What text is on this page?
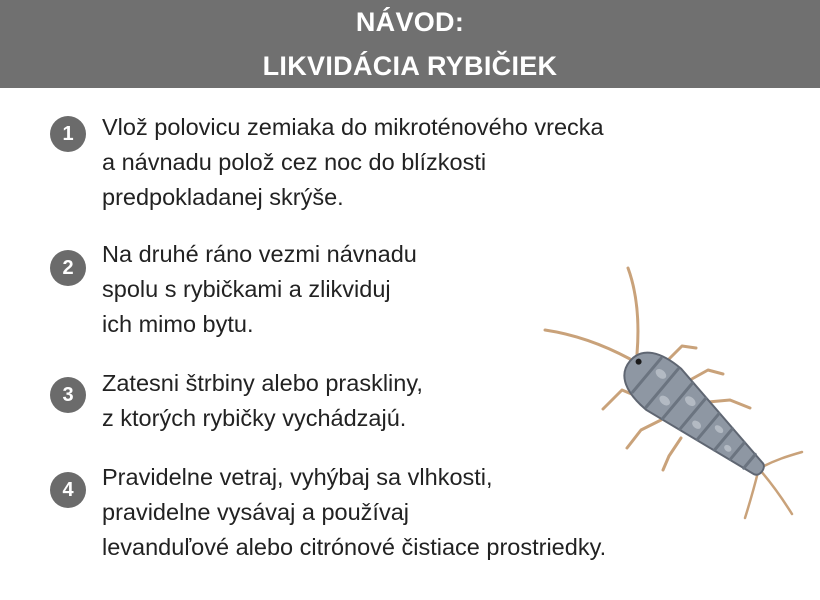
NÁVOD:
LIKVIDÁCIA RYBIČIEK
1	Vlož polovicu zemiaka do mikroténového vrecka
a návnadu polož cez noc do blízkosti
predpokladanej skrýše.
2
Na druhé ráno vezmi návnadu
spolu s rybičkami a zlikviduj
ich mimo bytu.
3	Zatesni štrbiny alebo praskliny,
z ktorých rybičky vychádzajú.
4	Pravidelne vetraj, vyhýbaj sa vlhkosti,
pravidelne vysávaj a používaj
levanduľové alebo citrónové čistiace prostriedky.
